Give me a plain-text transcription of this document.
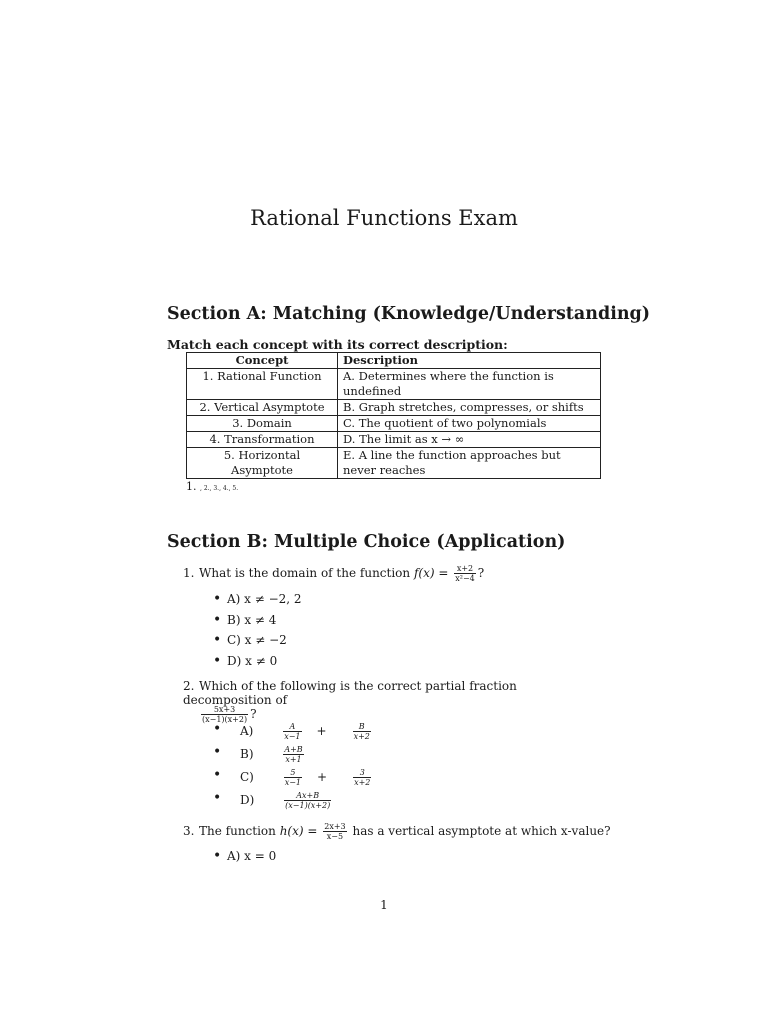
Rational Functions Exam
Section A: Matching (Knowledge/Understanding)
Match each concept with its correct description:
Concept	Description
1. Rational Function	A. Determines where the function is undefined
2. Vertical Asymptote	B. Graph stretches, compresses, or shifts
3. Domain	C. The quotient of two polynomials
4. Transformation	D. The limit as x → ∞
5. Horizontal Asymptote	E. A line the function approaches but never reaches
1. , 2., 3., 4., 5.
Section B: Multiple Choice (Application)
1. What is the domain of the function $f(x) = \frac{x+2}{\text{x²−4}}$ ?
• A) x ≠ −2, 2
• B) x ≠ 4
• C) x ≠ −2
• D) x ≠ 0
2. Which of the following is the correct partial fraction decomposition of
$\frac{5x+3}{(x-1)(x+2)}$ ?
• $A) \frac{A}{x-1} + \frac{B}{x+2}$
• $B) \frac{A+B}{x+1}$
• $C) \frac{5}{x-1} + \frac{3}{x+2}$
• $D) \frac{Ax+B}{(x-1)(x+2)}$
3. The function $h(x) = \frac{2x+3}{x-5}$ has a vertical asymptote at which x-value?
• A) x = 0
1
